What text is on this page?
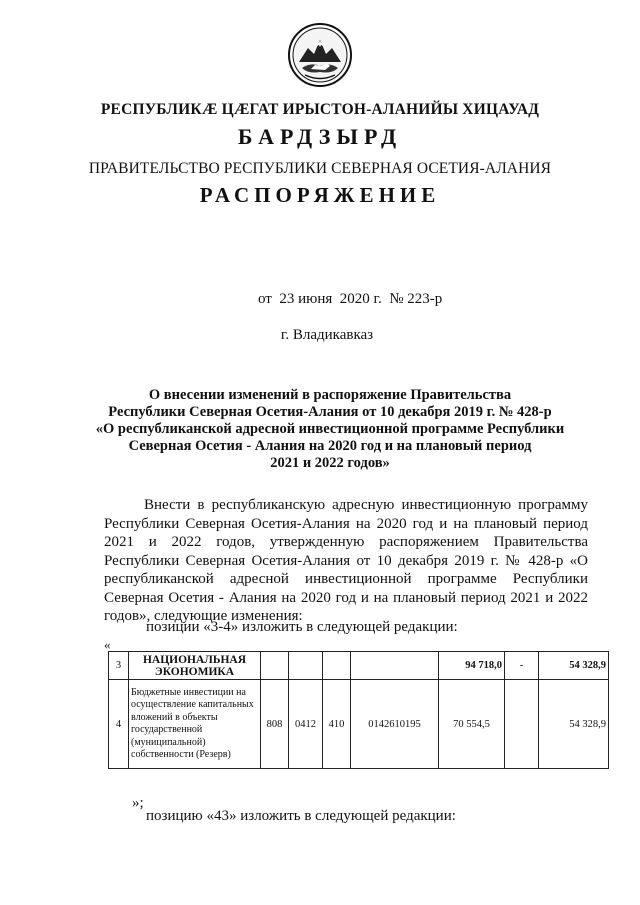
РЕСПУБЛИКӔ ЦӔГАТ ИРЫСТОН-АЛАНИЙЫ ХИЦАУАД
БАРДЗЫРД
ПРАВИТЕЛЬСТВО РЕСПУБЛИКИ СЕВЕРНАЯ ОСЕТИЯ-АЛАНИЯ
РАСПОРЯЖЕНИЕ
от 23 июня  2020 г. № 223-р
г. Владикавказ
О внесении изменений в распоряжение Правительства
Республики Северная Осетия-Алания от 10 декабря 2019 г. № 428-р
«О республиканской адресной инвестиционной программе Республики
Северная Осетия - Алания на 2020 год и на плановый период
2021 и 2022 годов»
Внести в республиканскую адресную инвестиционную программу Республики Северная Осетия-Алания на 2020 год и на плановый период 2021 и 2022 годов, утвержденную распоряжением Правительства Республики Северная Осетия-Алания от 10 декабря 2019 г. № 428-р «О республиканской адресной инвестиционной программе Республики Северная Осетия - Алания на 2020 год и на плановый период 2021 и 2022 годов», следующие изменения:
позиции «3-4» изложить в следующей редакции:
«
3	НАЦИОНАЛЬНАЯ ЭКОНОМИКА					94 718,0	-	54 328,9
4	Бюджетные инвестиции на осуществление капитальных вложений в объекты государственной (муниципальной) собственности (Резерв)	808	0412	410	0142610195	70 554,5		54 328,9
»;
позицию «43» изложить в следующей редакции:
